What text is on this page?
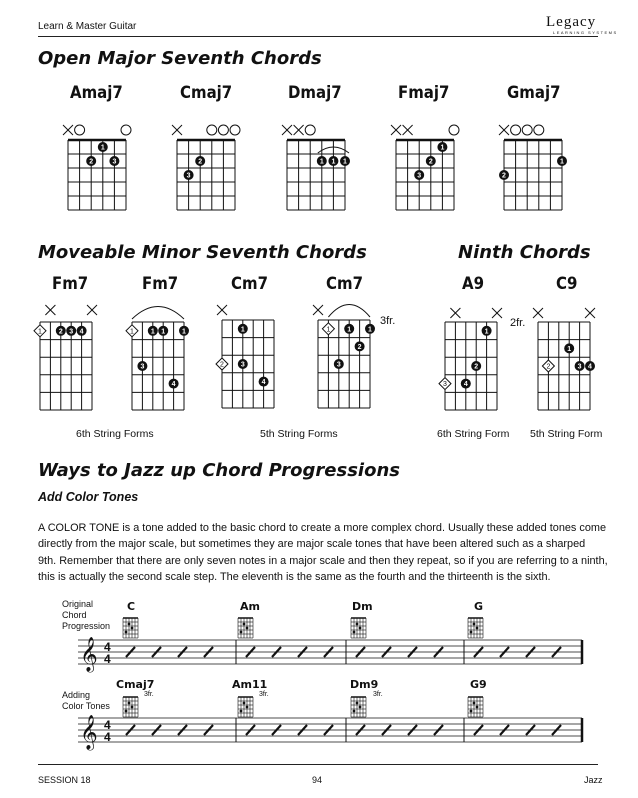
Learn & Master Guitar	Legacy
LEARNING SYSTEMS
Open Major Seventh Chords
Amaj7	Cmaj7	Dmaj7	Fmaj7	Gmaj7
1
2	3	2
3
1 1 1
1
2
3
1
2
1 2 3 4	1 1 1 1
3
4
1
2 3
4
1 1 1
2
3
1
2
3 4
1
2	3 4
𝄞 4
4
𝄞 4
4
Moveable Minor Seventh Chords	Ninth Chords
Fm7	Fm7	Cm7	Cm7	A9	C9
3fr.	2fr.
6th String Forms	5th String Forms	6th String Form 5th String Form
Ways to Jazz up Chord Progressions
Add Color Tones
A COLOR TONE is a tone added to the basic chord to create a more complex chord. Usually these added tones come
directly from the major scale, but sometimes they are major scale tones that have been altered such as a sharped
9th. Remember that there are only seven notes in a major scale and then they repeat, so if you are referring to a ninth,
this is actually the second scale step. The eleventh is the same as the fourth and the thirteenth is the sixth.
Original
Chord
Progression
Adding
Color Tones
C	Am	Dm	G
Cmaj7	Am11	Dm9	G9
3fr.	3fr.	3fr.
SESSION 18	94	Jazz
